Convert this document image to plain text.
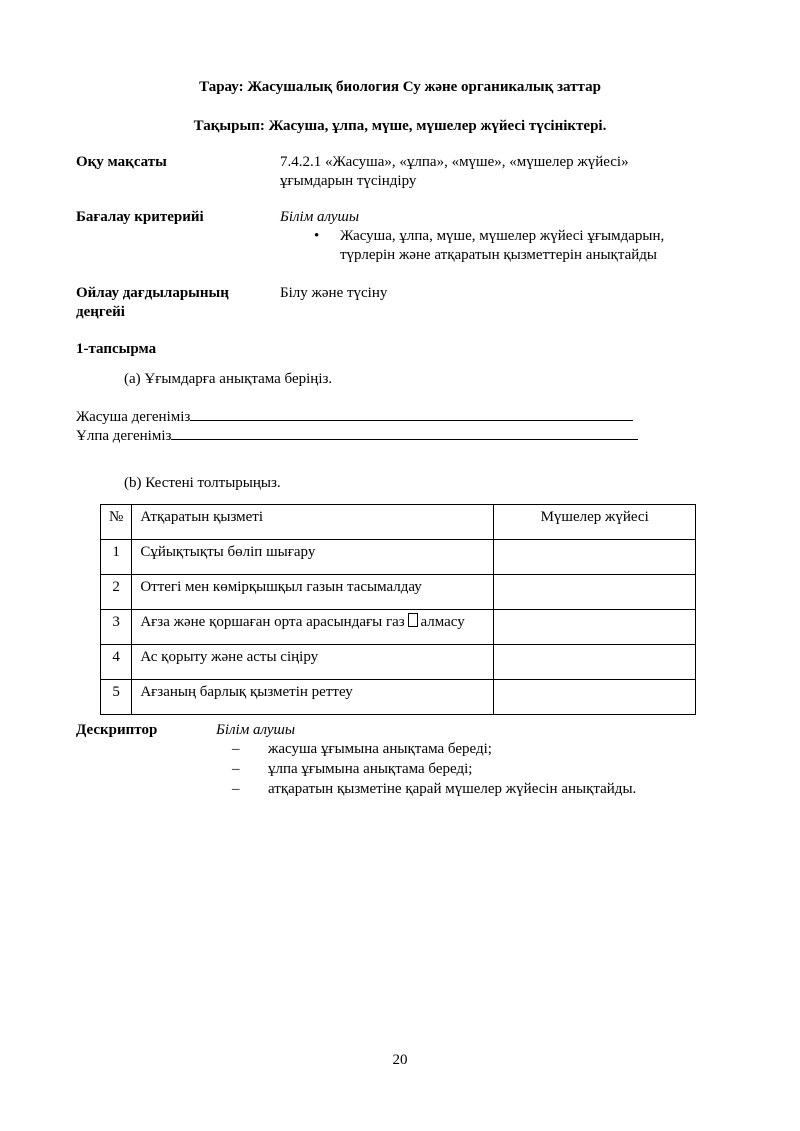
Тарау: Жасушалық биология Су және органикалық заттар
Тақырып: Жасуша, ұлпа, мүше, мүшелер жүйесі түсініктері.
Оқу мақсаты	7.4.2.1 «Жасуша», «ұлпа», «мүше», «мүшелер жүйесі»
ұғымдарын түсіндіру
Бағалау критерийі	Білім алушы
• Жасуша, ұлпа, мүше, мүшелер жүйесі ұғымдарын,
түрлерін және атқаратын қызметтерін анықтайды
Ойлау дағдыларының
деңгейі
Білу және түсіну
1-тапсырма
(a) Ұғымдарға анықтама беріңіз.
Жасуша дегеніміз
Ұлпа дегеніміз
(b) Кестені толтырыңыз.
№	Атқаратын қызметі	Мүшелер жүйесі
1	Сұйықтықты бөліп шығару	
2	Оттегі мен көмірқышқыл газын тасымалдау	
3	Ағза және қоршаған орта арасындағы газ алмасу	
4	Ас қорыту және асты сіңіру	
5	Ағзаның барлық қызметін реттеу	
Дескриптор	Білім алушы
– жасуша ұғымына анықтама береді;
– ұлпа ұғымына анықтама береді;
– атқаратын қызметіне қарай мүшелер жүйесін анықтайды.
20
